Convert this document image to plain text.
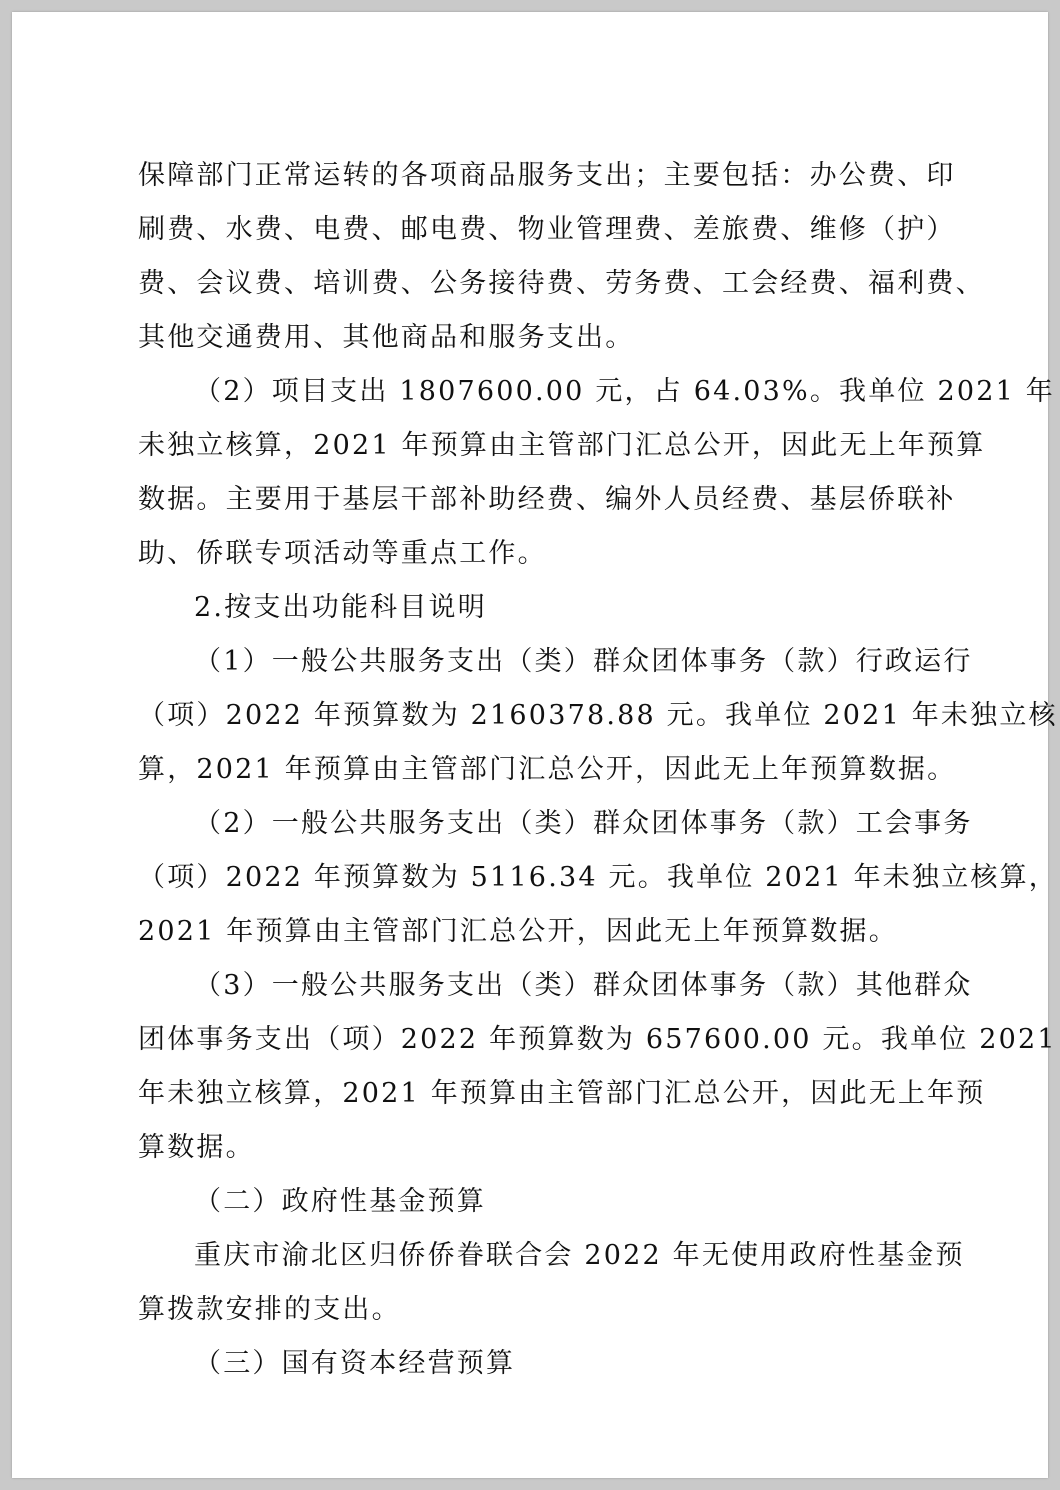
保障部门正常运转的各项商品服务支出；主要包括：办公费、印
刷费、水费、电费、邮电费、物业管理费、差旅费、维修（护）
费、会议费、培训费、公务接待费、劳务费、工会经费、福利费、
其他交通费用、其他商品和服务支出。

（2）项目支出 1807600.00 元，占 64.03%。我单位 2021 年
未独立核算，2021 年预算由主管部门汇总公开，因此无上年预算
数据。主要用于基层干部补助经费、编外人员经费、基层侨联补
助、侨联专项活动等重点工作。

2.按支出功能科目说明

（1）一般公共服务支出（类）群众团体事务（款）行政运行
（项）2022 年预算数为 2160378.88 元。我单位 2021 年未独立核
算，2021 年预算由主管部门汇总公开，因此无上年预算数据。

（2）一般公共服务支出（类）群众团体事务（款）工会事务
（项）2022 年预算数为 5116.34 元。我单位 2021 年未独立核算，
2021 年预算由主管部门汇总公开，因此无上年预算数据。

（3）一般公共服务支出（类）群众团体事务（款）其他群众
团体事务支出（项）2022 年预算数为 657600.00 元。我单位 2021
年未独立核算，2021 年预算由主管部门汇总公开，因此无上年预
算数据。

（二）政府性基金预算

重庆市渝北区归侨侨眷联合会 2022 年无使用政府性基金预
算拨款安排的支出。

（三）国有资本经营预算
